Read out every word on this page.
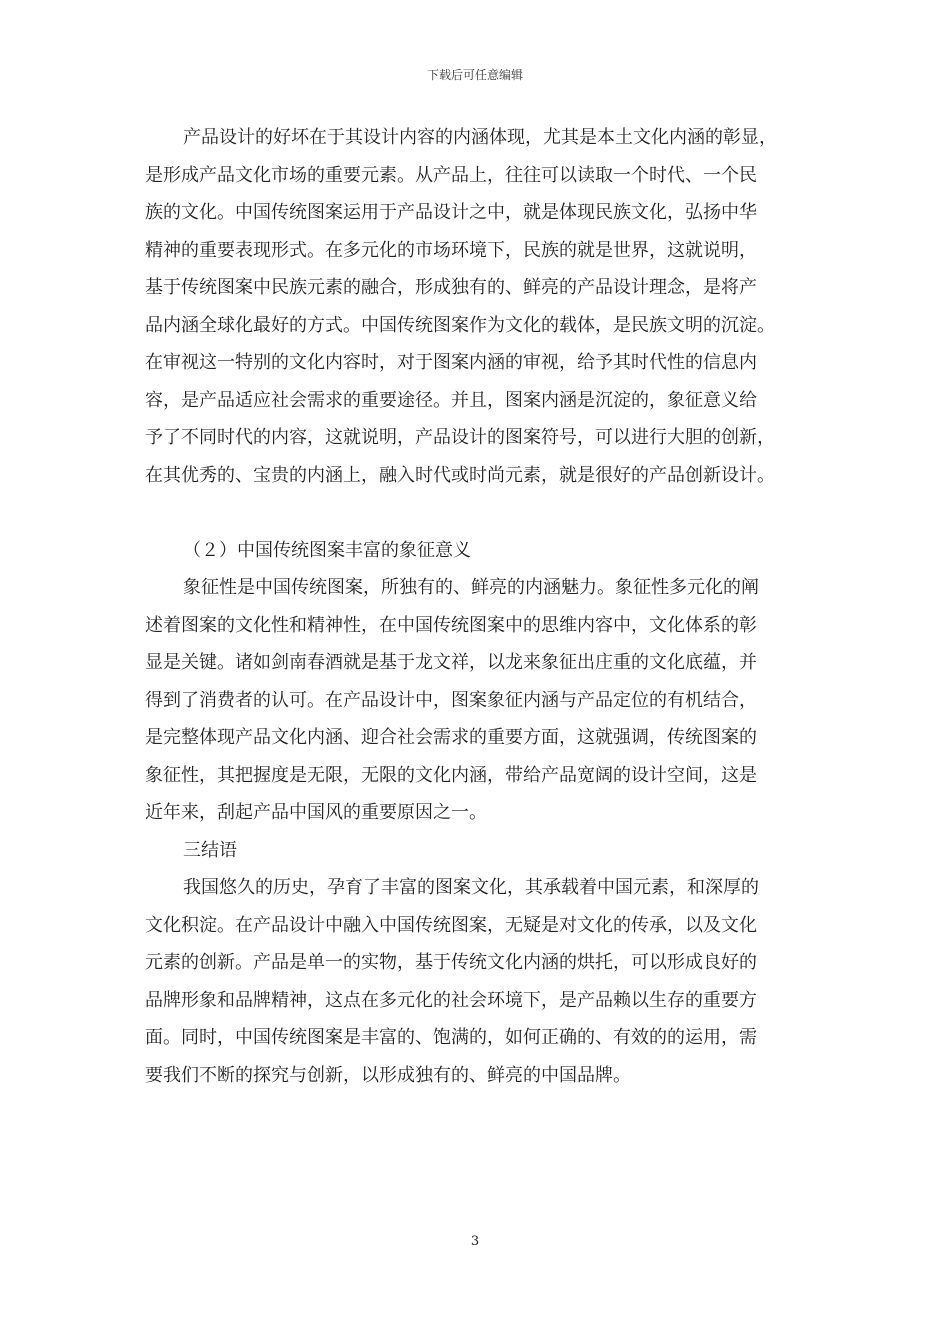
下载后可任意编辑
产品设计的好坏在于其设计内容的内涵体现，尤其是本土文化内涵的彰显，
是形成产品文化市场的重要元素。从产品上，往往可以读取一个时代、一个民
族的文化。中国传统图案运用于产品设计之中，就是体现民族文化，弘扬中华
精神的重要表现形式。在多元化的市场环境下，民族的就是世界，这就说明，
基于传统图案中民族元素的融合，形成独有的、鲜亮的产品设计理念，是将产
品内涵全球化最好的方式。中国传统图案作为文化的载体，是民族文明的沉淀。
在审视这一特别的文化内容时，对于图案内涵的审视，给予其时代性的信息内
容，是产品适应社会需求的重要途径。并且，图案内涵是沉淀的，象征意义给
予了不同时代的内容，这就说明，产品设计的图案符号，可以进行大胆的创新，
在其优秀的、宝贵的内涵上，融入时代或时尚元素，就是很好的产品创新设计。
（２）中国传统图案丰富的象征意义
象征性是中国传统图案，所独有的、鲜亮的内涵魅力。象征性多元化的阐
述着图案的文化性和精神性，在中国传统图案中的思维内容中，文化体系的彰
显是关键。诸如剑南春酒就是基于龙文祥，以龙来象征出庄重的文化底蕴，并
得到了消费者的认可。在产品设计中，图案象征内涵与产品定位的有机结合，
是完整体现产品文化内涵、迎合社会需求的重要方面，这就强调，传统图案的
象征性，其把握度是无限，无限的文化内涵，带给产品宽阔的设计空间，这是
近年来，刮起产品中国风的重要原因之一。
三结语
我国悠久的历史，孕育了丰富的图案文化，其承载着中国元素，和深厚的
文化积淀。在产品设计中融入中国传统图案，无疑是对文化的传承，以及文化
元素的创新。产品是单一的实物，基于传统文化内涵的烘托，可以形成良好的
品牌形象和品牌精神，这点在多元化的社会环境下，是产品赖以生存的重要方
面。同时，中国传统图案是丰富的、饱满的，如何正确的、有效的的运用，需
要我们不断的探究与创新，以形成独有的、鲜亮的中国品牌。
3
